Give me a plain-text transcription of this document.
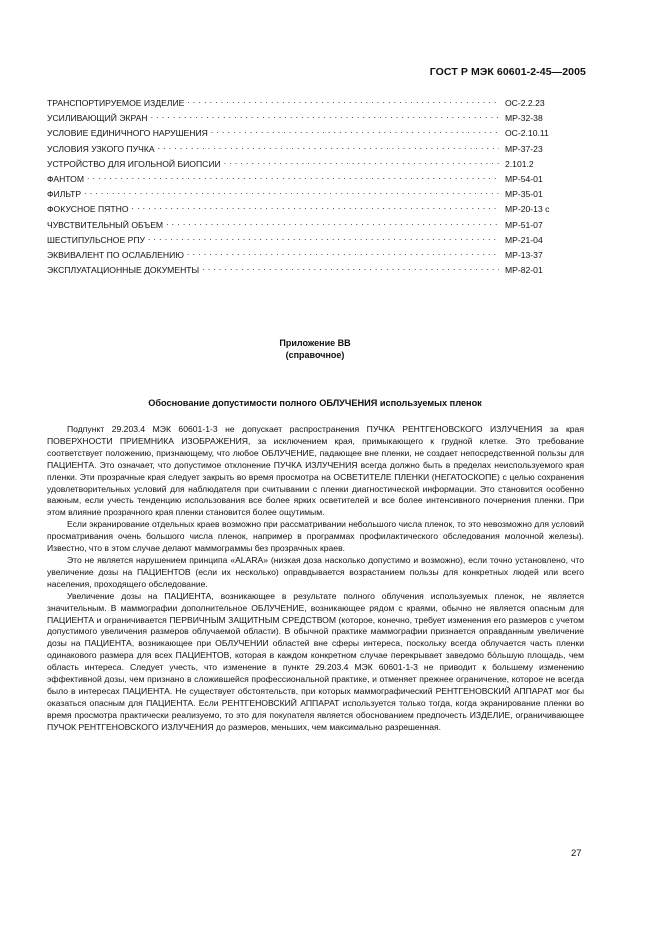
ГОСТ Р МЭК 60601-2-45—2005
ТРАНСПОРТИРУЕМОЕ ИЗДЕЛИЕ . . .	ОС-2.2.23
УСИЛИВАЮЩИЙ ЭКРАН . . .	МР-32-38
УСЛОВИЕ ЕДИНИЧНОГО НАРУШЕНИЯ . . .	ОС-2.10.11
УСЛОВИЯ УЗКОГО ПУЧКА . . .	МР-37-23
УСТРОЙСТВО ДЛЯ ИГОЛЬНОЙ БИОПСИИ . . .	2.101.2
ФАНТОМ . . .	МР-54-01
ФИЛЬТР . . .	МР-35-01
ФОКУСНОЕ ПЯТНО . . .	МР-20-13 с
ЧУВСТВИТЕЛЬНЫЙ ОБЪЕМ . . .	МР-51-07
ШЕСТИПУЛЬСНОЕ РПУ . . .	МР-21-04
ЭКВИВАЛЕНТ ПО ОСЛАБЛЕНИЮ . . .	МР-13-37
ЭКСПЛУАТАЦИОННЫЕ ДОКУМЕНТЫ . . .	МР-82-01
Приложение ВВ
(справочное)
Обоснование допустимости полного ОБЛУЧЕНИЯ используемых пленок

Подпункт 29.203.4 МЭК 60601-1-3 не допускает распространения ПУЧКА РЕНТГЕНОВСКОГО ИЗЛУЧЕНИЯ за края ПОВЕРХНОСТИ ПРИЕМНИКА ИЗОБРАЖЕНИЯ, за исключением края, примыкающего к грудной клетке. Это требование соответствует положению, признающему, что любое ОБЛУЧЕНИЕ, падающее вне пленки, не создает непосредственной пользы для ПАЦИЕНТА. Это означает, что допустимое отклонение ПУЧКА ИЗЛУЧЕНИЯ всегда должно быть в пределах неиспользуемого края пленки. Эти прозрачные края следует закрыть во время просмотра на ОСВЕТИТЕЛЕ ПЛЕНКИ (НЕГАТОСКОПЕ) с целью сохранения удовлетворительных условий для наблюдателя при считывании с пленки диагностической информации. Это становится особенно важным, если учесть тенденцию использования все более ярких осветителей и все более интенсивного почернения пленки. При этом влияние прозрачного края пленки становится более ощутимым.

Если экранирование отдельных краев возможно при рассматривании небольшого числа пленок, то это невозможно для условий просматривания очень большого числа пленок, например в программах профилактического обследования молочной железы). Известно, что в этом случае делают маммограммы без прозрачных краев.

Это не является нарушением принципа «ALARA» (низкая доза насколько допустимо и возможно), если точно установлено, что увеличение дозы на ПАЦИЕНТОВ (если их несколько) оправдывается возрастанием пользы для конкретных людей или всего населения, проходящего обследование.

Увеличение дозы на ПАЦИЕНТА, возникающее в результате полного облучения используемых пленок, не является значительным. В маммографии дополнительное ОБЛУЧЕНИЕ, возникающее рядом с краями, обычно не является опасным для ПАЦИЕНТА и ограничивается ПЕРВИЧНЫМ ЗАЩИТНЫМ СРЕДСТВОМ (которое, конечно, требует изменения его размеров с учетом допустимого увеличения размеров облучаемой области). В обычной практике маммографии признается оправданным увеличение дозы на ПАЦИЕНТА, возникающее при ОБЛУЧЕНИИ областей вне сферы интереса, поскольку всегда облучается часть пленки одинакового размера для всех ПАЦИЕНТОВ, которая в каждом конкретном случае перекрывает заведомо бо́льшую площадь, чем область интереса. Следует учесть, что изменение в пункте 29.203.4 МЭК 60601-1-3 не приводит к большему изменению эффективной дозы, чем признано в сложившейся профессиональной практике, и отменяет прежнее ограничение, которое не всегда было в интересах ПАЦИЕНТА. Не существует обстоятельств, при которых маммографический РЕНТГЕНОВСКИЙ АППАРАТ мог бы оказаться опасным для ПАЦИЕНТА. Если РЕНТГЕНОВСКИЙ АППАРАТ используется только тогда, когда экранирование пленки во время просмотра практически реализуемо, то это для покупателя является обоснованием предпочесть ИЗДЕЛИЕ, ограничивающее ПУЧОК РЕНТГЕНОВСКОГО ИЗЛУЧЕНИЯ до размеров, меньших, чем максимально разрешенная.

27
